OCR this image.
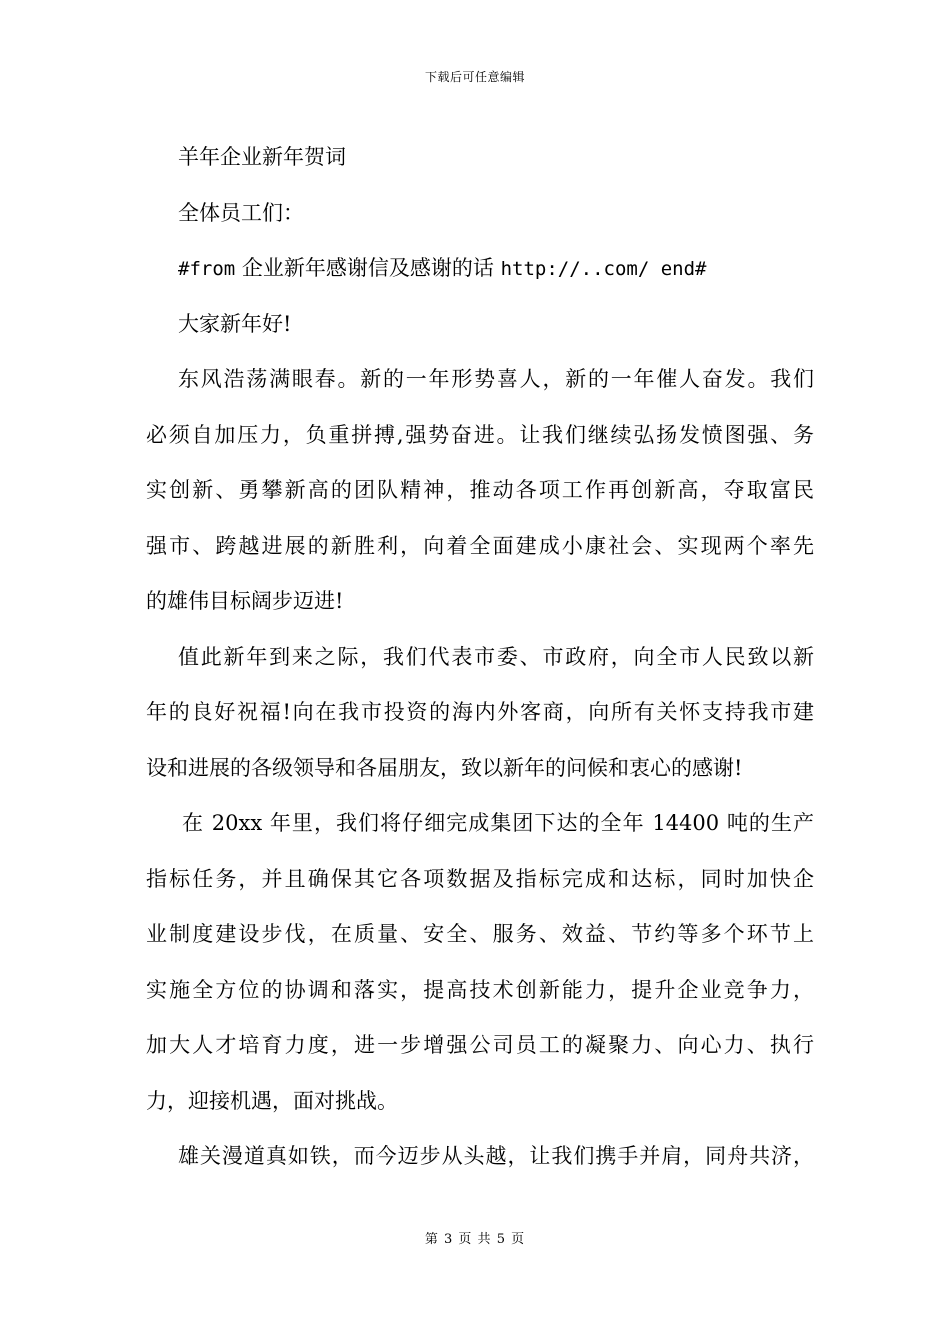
下载后可任意编辑
羊年企业新年贺词
全体员工们：
#from 企业新年感谢信及感谢的话 http://..com/ end#
大家新年好!
东风浩荡满眼春。新的一年形势喜人，新的一年催人奋发。我们
必须自加压力，负重拼搏,强势奋进。让我们继续弘扬发愤图强、务
实创新、勇攀新高的团队精神，推动各项工作再创新高，夺取富民
强市、跨越进展的新胜利，向着全面建成小康社会、实现两个率先
的雄伟目标阔步迈进!
值此新年到来之际，我们代表市委、市政府，向全市人民致以新
年的良好祝福!向在我市投资的海内外客商，向所有关怀支持我市建
设和进展的各级领导和各届朋友，致以新年的问候和衷心的感谢!
在 20xx 年里，我们将仔细完成集团下达的全年 14400 吨的生产
指标任务，并且确保其它各项数据及指标完成和达标，同时加快企
业制度建设步伐，在质量、安全、服务、效益、节约等多个环节上
实施全方位的协调和落实，提高技术创新能力，提升企业竞争力，
加大人才培育力度，进一步增强公司员工的凝聚力、向心力、执行
力，迎接机遇，面对挑战。
雄关漫道真如铁，而今迈步从头越，让我们携手并肩，同舟共济，
第 3 页 共 5 页
